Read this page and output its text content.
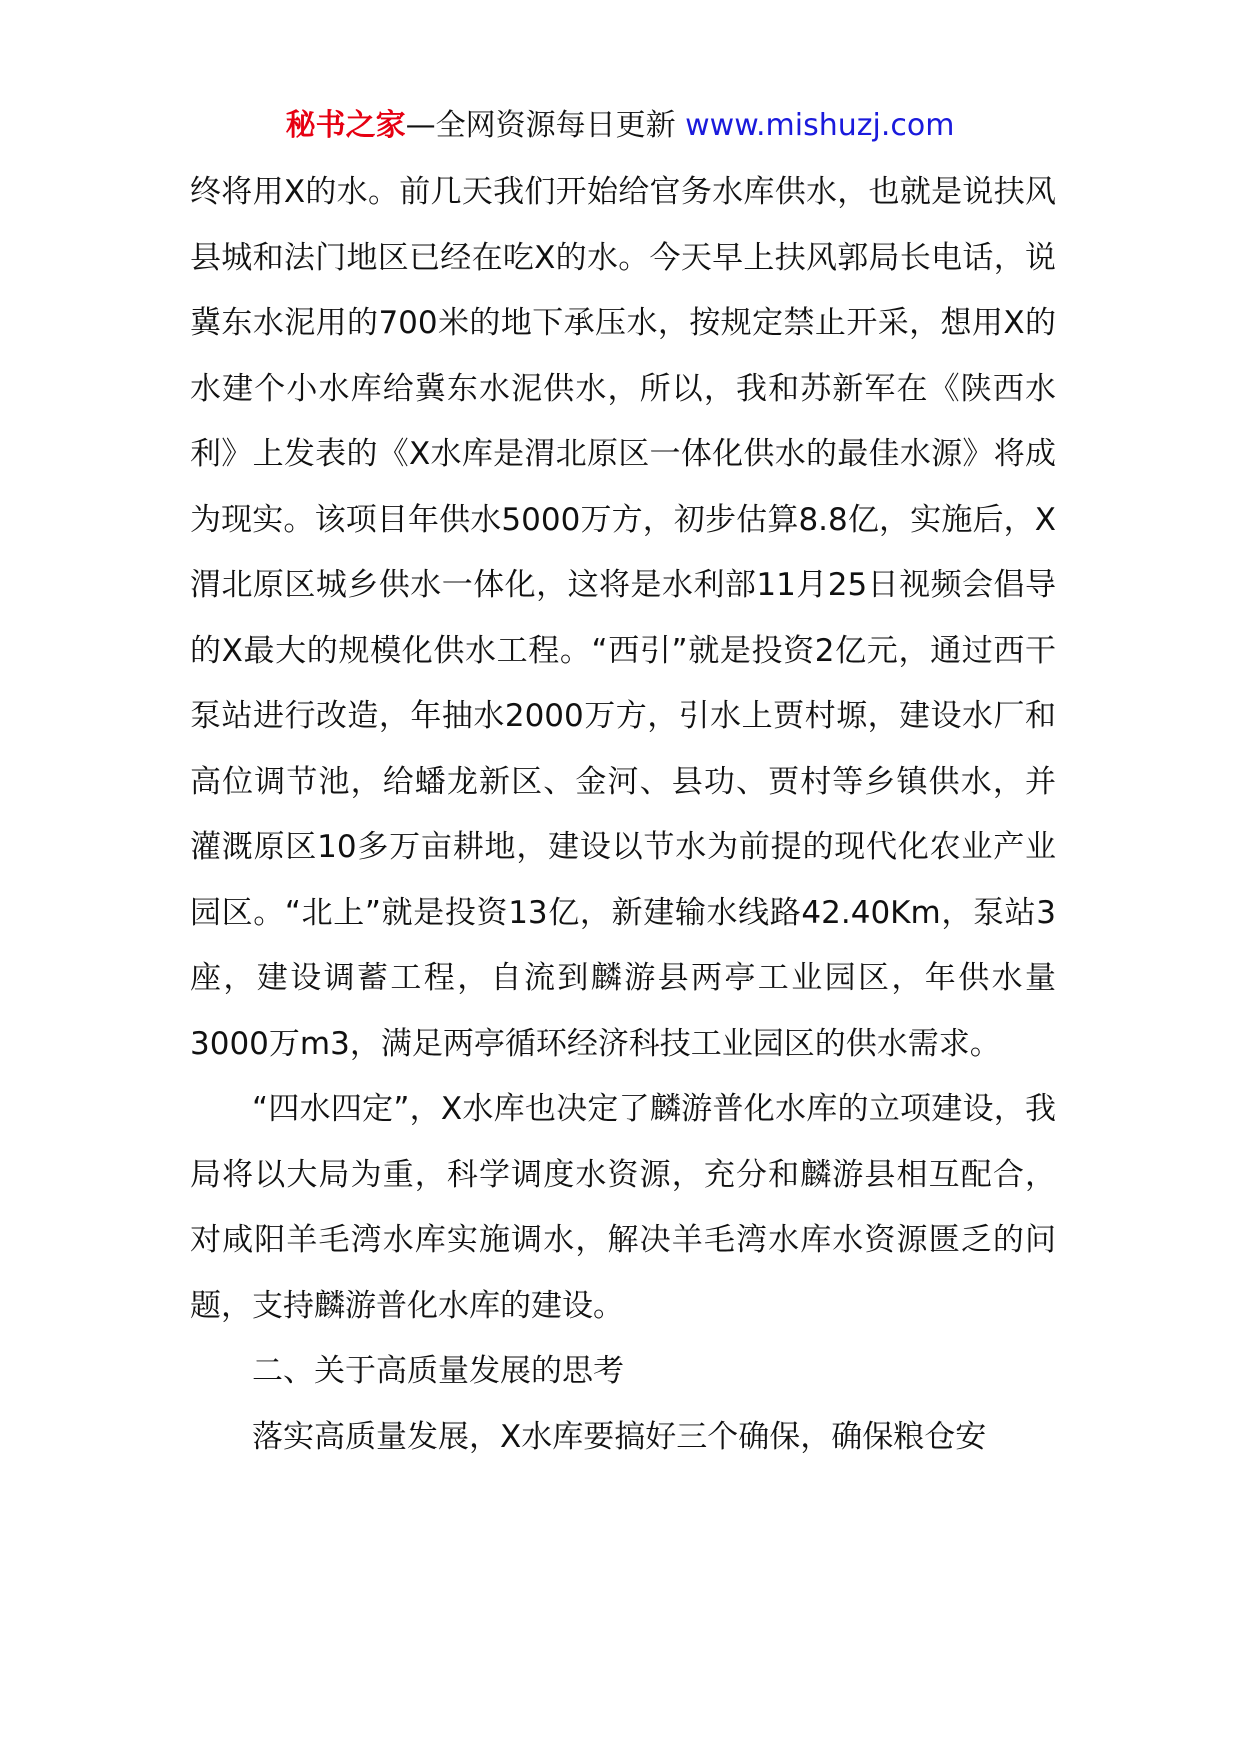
秘书之家—全网资源每日更新 www.mishuzj.com

终将用X的水。前几天我们开始给官务水库供水，也就是说扶风县城和法门地区已经在吃X的水。今天早上扶风郭局长电话，说冀东水泥用的700米的地下承压水，按规定禁止开采，想用X的水建个小水库给冀东水泥供水，所以，我和苏新军在《陕西水利》上发表的《X水库是渭北原区一体化供水的最佳水源》将成为现实。该项目年供水5000万方，初步估算8.8亿，实施后，X渭北原区城乡供水一体化，这将是水利部11月25日视频会倡导的X最大的规模化供水工程。“西引”就是投资2亿元，通过西干泵站进行改造，年抽水2000万方，引水上贾村塬，建设水厂和高位调节池，给蟠龙新区、金河、县功、贾村等乡镇供水，并灌溉原区10多万亩耕地，建设以节水为前提的现代化农业产业园区。“北上”就是投资13亿，新建输水线路42.40Km，泵站3座，建设调蓄工程，自流到麟游县两亭工业园区，年供水量3000万m3，满足两亭循环经济科技工业园区的供水需求。

“四水四定”，X水库也决定了麟游普化水库的立项建设，我局将以大局为重，科学调度水资源，充分和麟游县相互配合，对咸阳羊毛湾水库实施调水，解决羊毛湾水库水资源匮乏的问题，支持麟游普化水库的建设。

二、关于高质量发展的思考

落实高质量发展，X水库要搞好三个确保，确保粮仓安
